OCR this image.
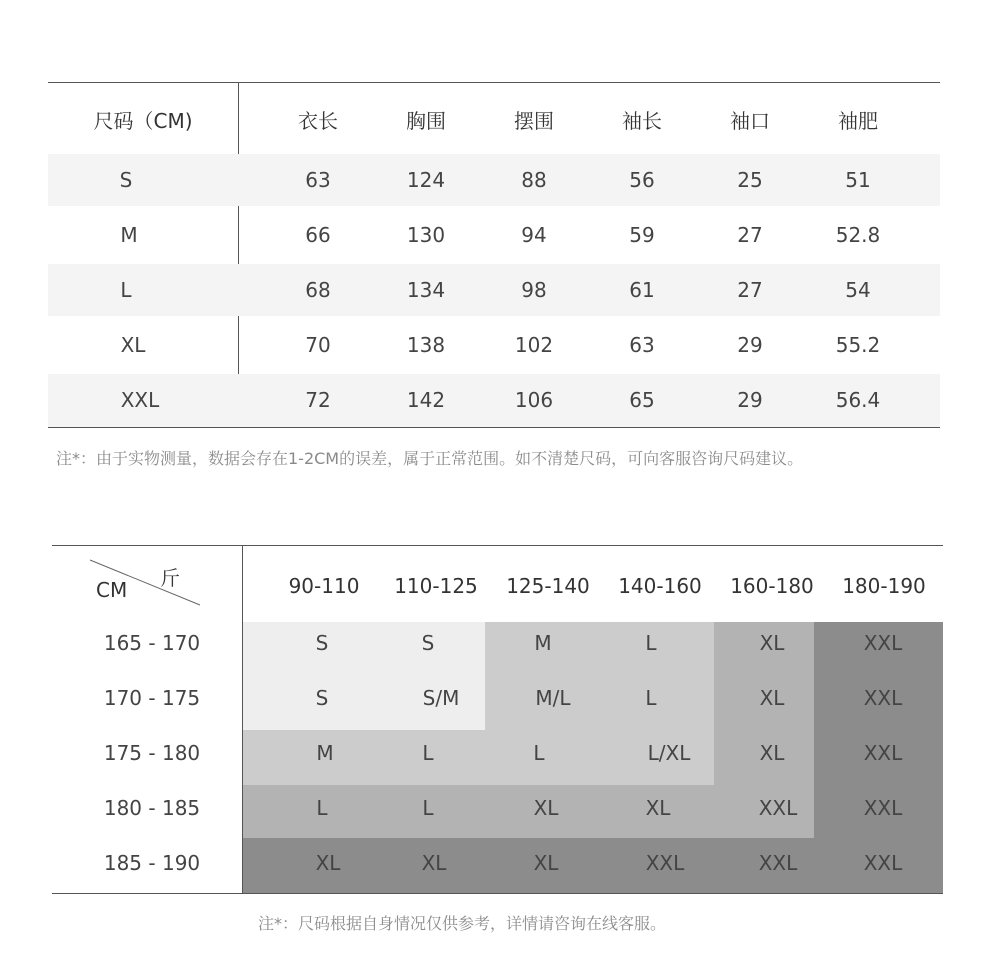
尺码（CM)	衣长	胸围	摆围	袖长	袖口	袖肥
S	63	124	88	56	25	51
M	66	130	94	59	27	52.8
L	68	134	98	61	27	54
XL	70	138	102	63	29	55.2
XXL	72	142	106	65	29	56.4
注*：由于实物测量，数据会存在1-2CM的误差，属于正常范围。如不清楚尺码，可向客服咨询尺码建议。
斤
CM	90-110	110-125	125-140	140-160	160-180	180-190
165 - 170	S	S	M	L	XL	XXL
170 - 175	S	S/M	M/L	L	XL	XXL
175 - 180	M	L	L	L/XL	XL	XXL
180 - 185	L	L	XL	XL	XXL	XXL
185 - 190	XL	XL	XL	XXL	XXL	XXL
注*：尺码根据自身情况仅供参考，详情请咨询在线客服。
